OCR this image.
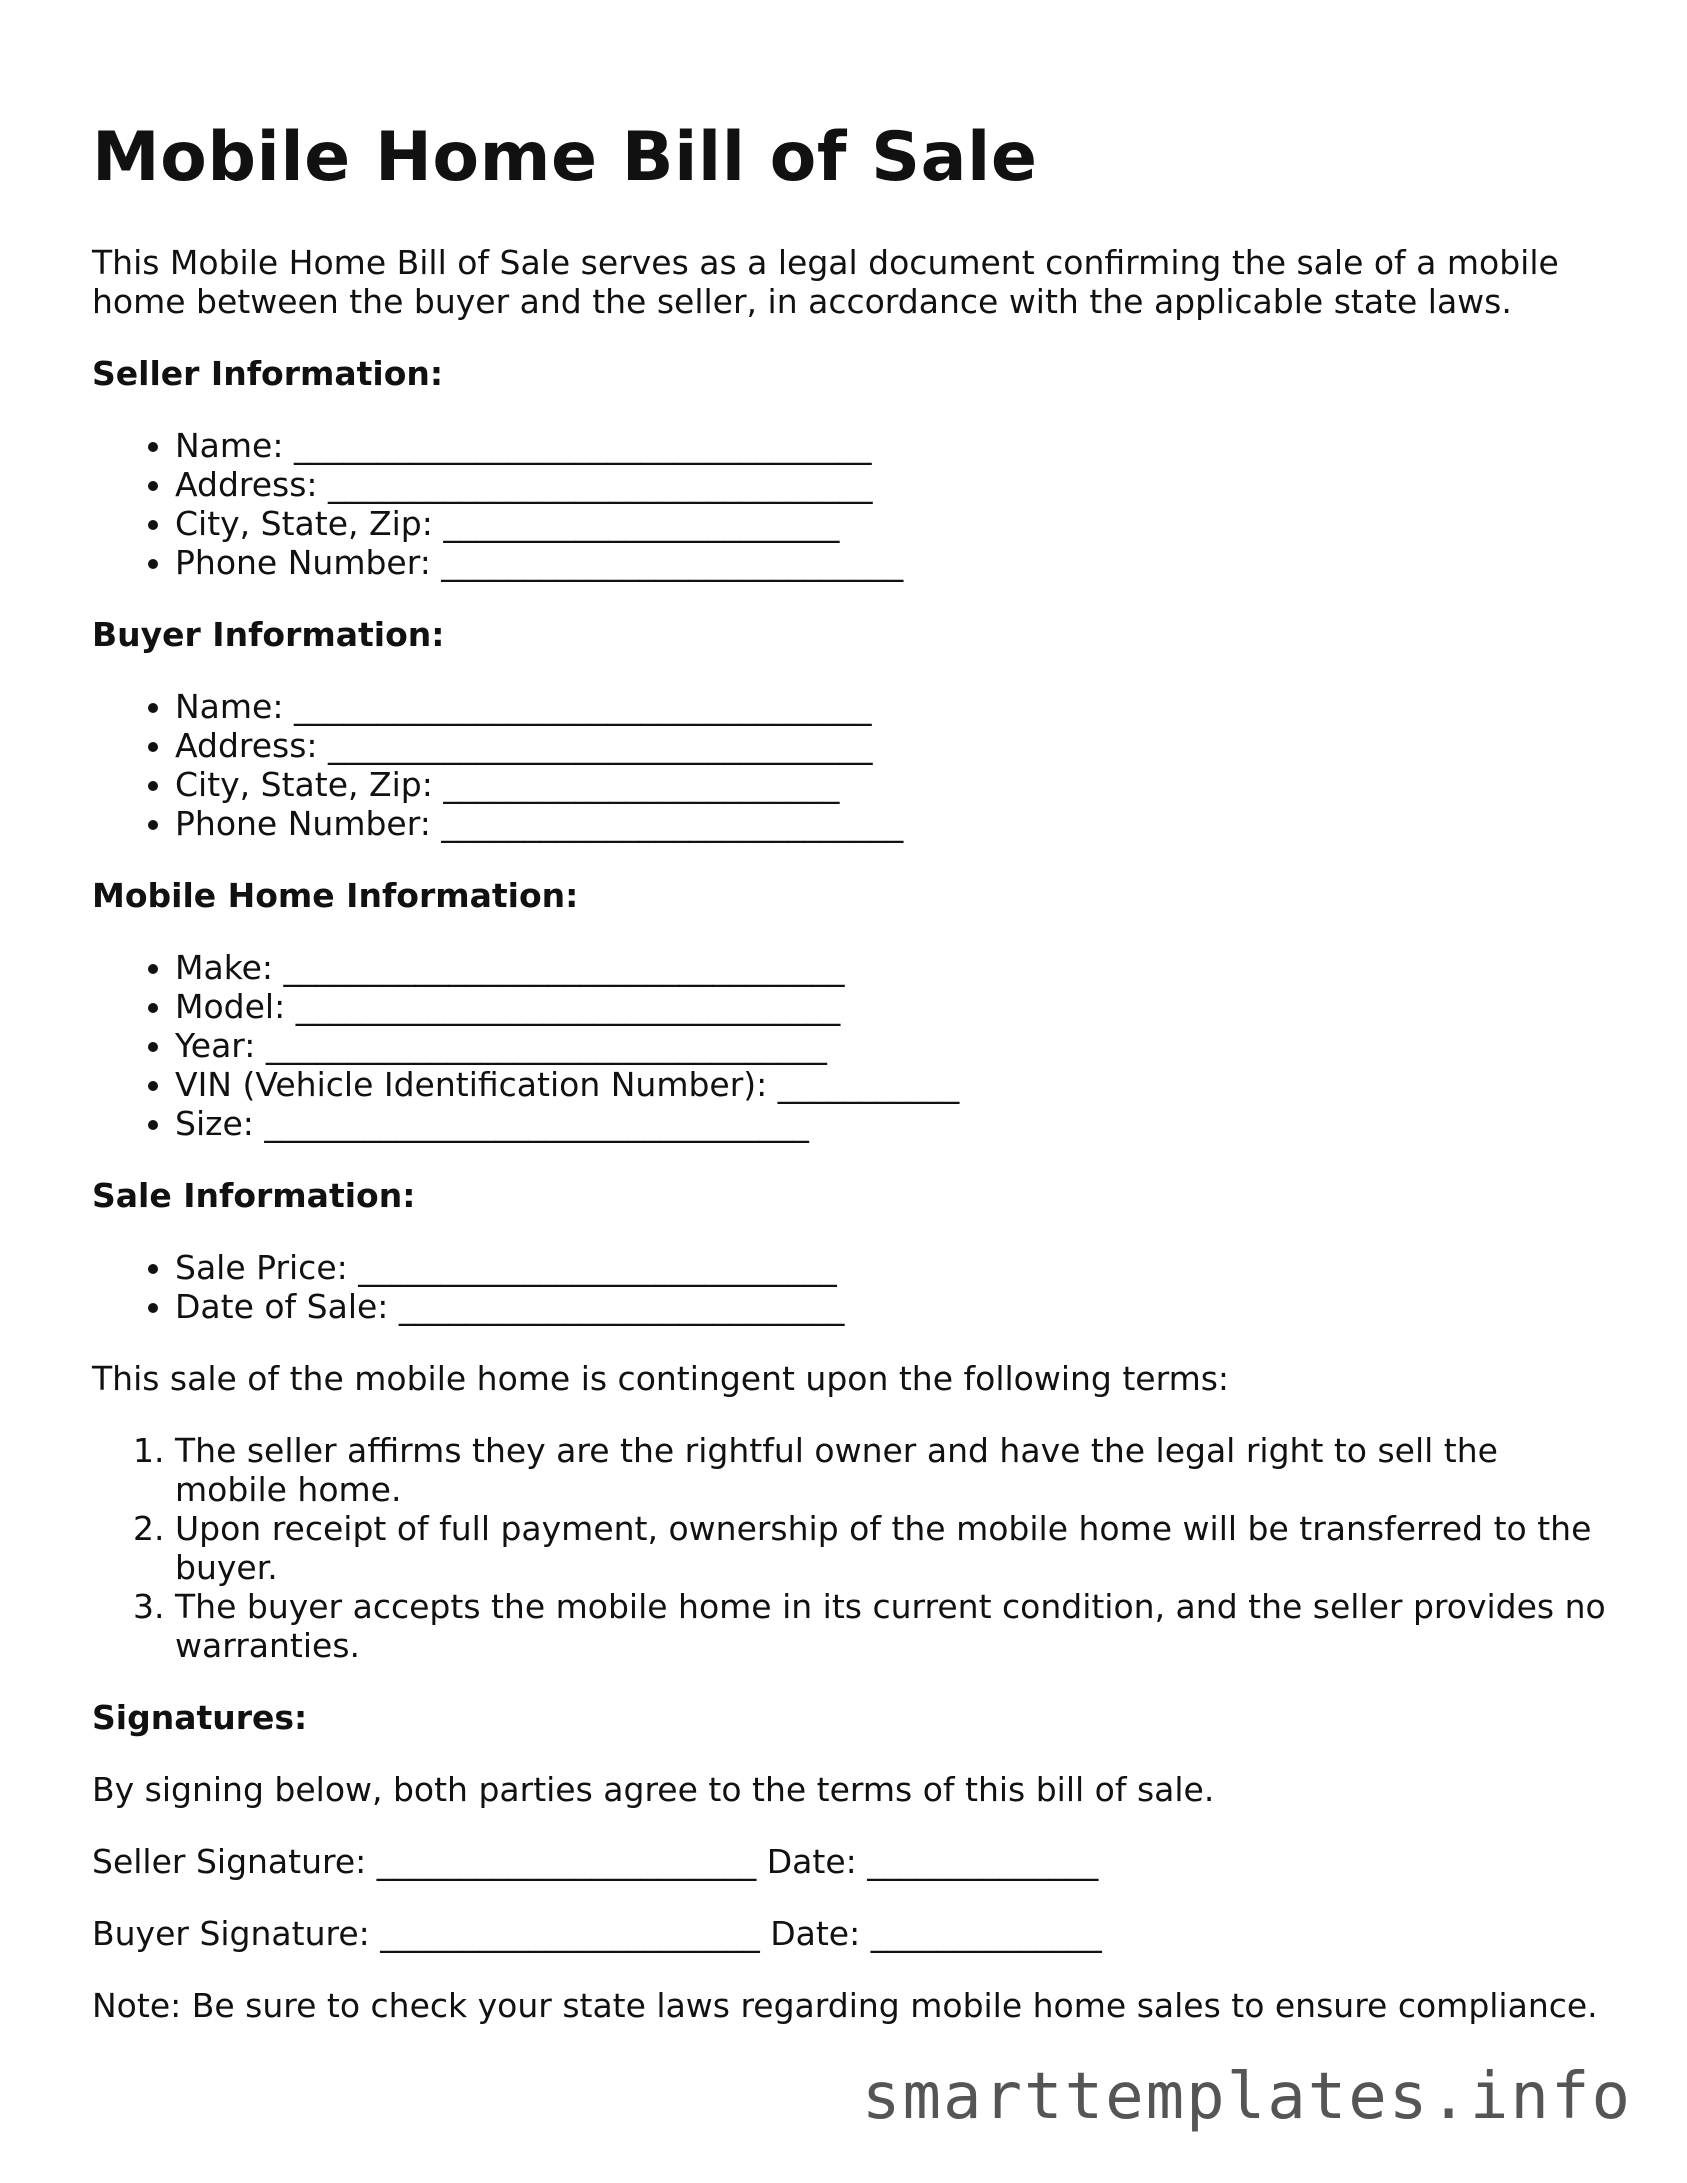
Mobile Home Bill of Sale

This Mobile Home Bill of Sale serves as a legal document confirming the sale of a mobile home between the buyer and the seller, in accordance with the applicable state laws.

Seller Information:
• Name: ___________________________________
• Address: _________________________________
• City, State, Zip: ________________________
• Phone Number: ____________________________
Buyer Information:
• Name: ___________________________________
• Address: _________________________________
• City, State, Zip: ________________________
• Phone Number: ____________________________
Mobile Home Information:
• Make: __________________________________
• Model: _________________________________
• Year: __________________________________
• VIN (Vehicle Identification Number): ___________
• Size: _________________________________
Sale Information:
• Sale Price: _____________________________
• Date of Sale: ___________________________

This sale of the mobile home is contingent upon the following terms:

1. The seller affirms they are the rightful owner and have the legal right to sell the mobile home.
2. Upon receipt of full payment, ownership of the mobile home will be transferred to the buyer.
3. The buyer accepts the mobile home in its current condition, and the seller provides no warranties.
Signatures:

By signing below, both parties agree to the terms of this bill of sale.

Seller Signature: _______________________ Date: ______________

Buyer Signature: _______________________ Date: ______________

Note: Be sure to check your state laws regarding mobile home sales to ensure compliance.

smarttemplates.info
